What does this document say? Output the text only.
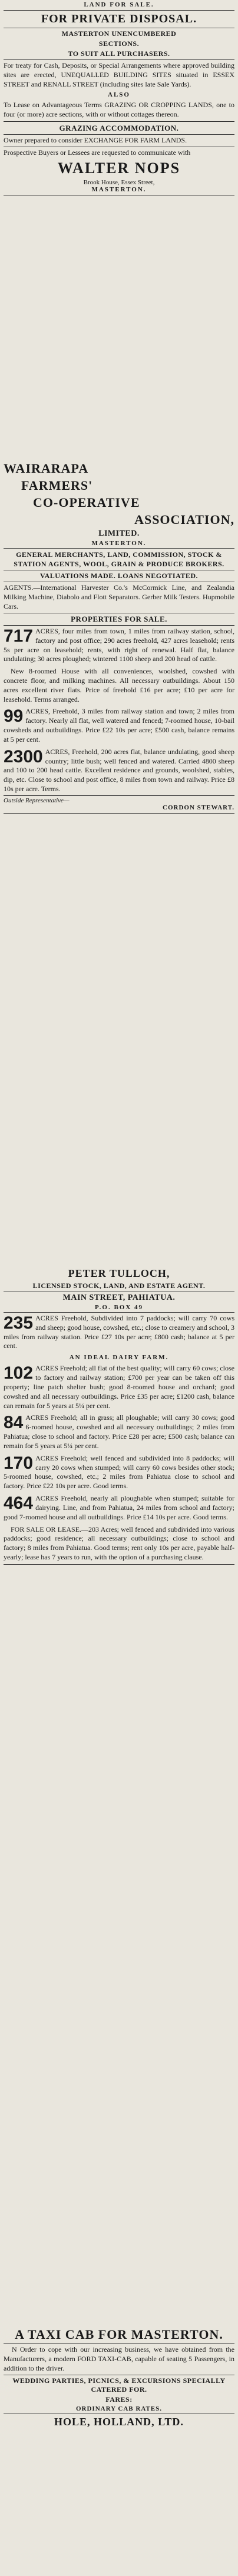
LAND FOR SALE.
FOR PRIVATE DISPOSAL.
MASTERTON UNENCUMBERED
SECTIONS.
TO SUIT ALL PURCHASERS.

For treaty for Cash, Deposits, or Special Arrangements where approved building sites are erected, UNEQUALLED BUILDING SITES situated in ESSEX STREET and RENALL STREET (including sites late Sale Yards).

ALSO

To Lease on Advantageous Terms GRAZING OR CROPPING LANDS, one to four (or more) acre sections, with or without cottages thereon.

GRAZING ACCOMMODATION.

Owner prepared to consider EXCHANGE FOR FARM LANDS.

Prospective Buyers or Lessees are requested to communicate with

WALTER NOPS
Brook House, Essex Street,
MASTERTON.
WAIRARAPA
FARMERS'
CO-OPERATIVE
ASSOCIATION,
LIMITED.
MASTERTON.
GENERAL MERCHANTS, LAND, COMMISSION, STOCK & STATION AGENTS, WOOL, GRAIN & PRODUCE BROKERS.
VALUATIONS MADE. LOANS NEGOTIATED.

AGENTS.—International Harvester Co.'s McCormick Line, and Zealandia Milking Machine, Diabolo and Flott Separators. Gerber Milk Testers. Hupmobile Cars.

PROPERTIES FOR SALE.
717 ACRES, four miles from town, 1 miles from railway station, school, factory and post office; 290 acres freehold, 427 acres leasehold; rents 5s per acre on leasehold; rents, with right of renewal. Half flat, balance undulating; 30 acres ploughed; wintered 1100 sheep and 200 head of cattle.

New 8-roomed House with all conveniences, woolshed, cowshed with concrete floor, and milking machines. All necessary outbuildings. About 150 acres excellent river flats. Price of freehold £16 per acre; £10 per acre for leasehold. Terms arranged.

99 ACRES, Freehold, 3 miles from railway station and town; 2 miles from factory. Nearly all flat, well watered and fenced; 7-roomed house, 10-bail cowsheds and outbuildings. Price £22 10s per acre; £500 cash, balance remains at 5 per cent.

2300 ACRES, Freehold, 200 acres flat, balance undulating, good sheep country; little bush; well fenced and watered. Carried 4800 sheep and 100 to 200 head cattle. Excellent residence and grounds, woolshed, stables, dip, etc. Close to school and post office, 8 miles from town and railway. Price £8 10s per acre. Terms.

Outside Representative—
CORDON STEWART.
PETER TULLOCH,
LICENSED STOCK, LAND, AND ESTATE AGENT.
MAIN STREET, PAHIATUA.
P.O. BOX 49
235 ACRES Freehold, Subdivided into 7 paddocks; will carry 70 cows and sheep; good house, cowshed, etc.; close to creamery and school, 3 miles from railway station. Price £27 10s per acre; £800 cash; balance at 5 per cent.

AN IDEAL DAIRY FARM.
102 ACRES Freehold; all flat of the best quality; will carry 60 cows; close to factory and railway station; £700 per year can be taken off this property; line patch shelter bush; good 8-roomed house and orchard; good cowshed and all necessary outbuildings. Price £35 per acre; £1200 cash, balance can remain for 5 years at 5¼ per cent.

84 ACRES Freehold; all in grass; all ploughable; will carry 30 cows; good 6-roomed house, cowshed and all necessary outbuildings; 2 miles from Pahiatua; close to school and factory. Price £28 per acre; £500 cash; balance can remain for 5 years at 5¼ per cent.

170 ACRES Freehold; well fenced and subdivided into 8 paddocks; will carry 20 cows when stumped; will carry 60 cows besides other stock; 5-roomed house, cowshed, etc.; 2 miles from Pahiatua close to school and factory. Price £22 10s per acre. Good terms.

464 ACRES Freehold, nearly all ploughable when stumped; suitable for dairying. Line, and from Pahiatua, 24 miles from school and factory; good 7-roomed house and all outbuildings. Price £14 10s per acre. Good terms.

FOR SALE OR LEASE.—203 Acres; well fenced and subdivided into various paddocks; good residence; all necessary outbuildings; close to school and factory; 8 miles from Pahiatua. Good terms; rent only 10s per acre, payable half-yearly; lease has 7 years to run, with the option of a purchasing clause.

A TAXI CAB FOR MASTERTON.

N Order to cope with our increasing business, we have obtained from the Manufacturers, a modern FORD TAXI-CAB, capable of seating 5 Passengers, in addition to the driver.

WEDDING PARTIES, PICNICS, & EXCURSIONS SPECIALLY CATERED FOR.
FARES:
ORDINARY CAB RATES.
HOLE, HOLLAND, LTD.
